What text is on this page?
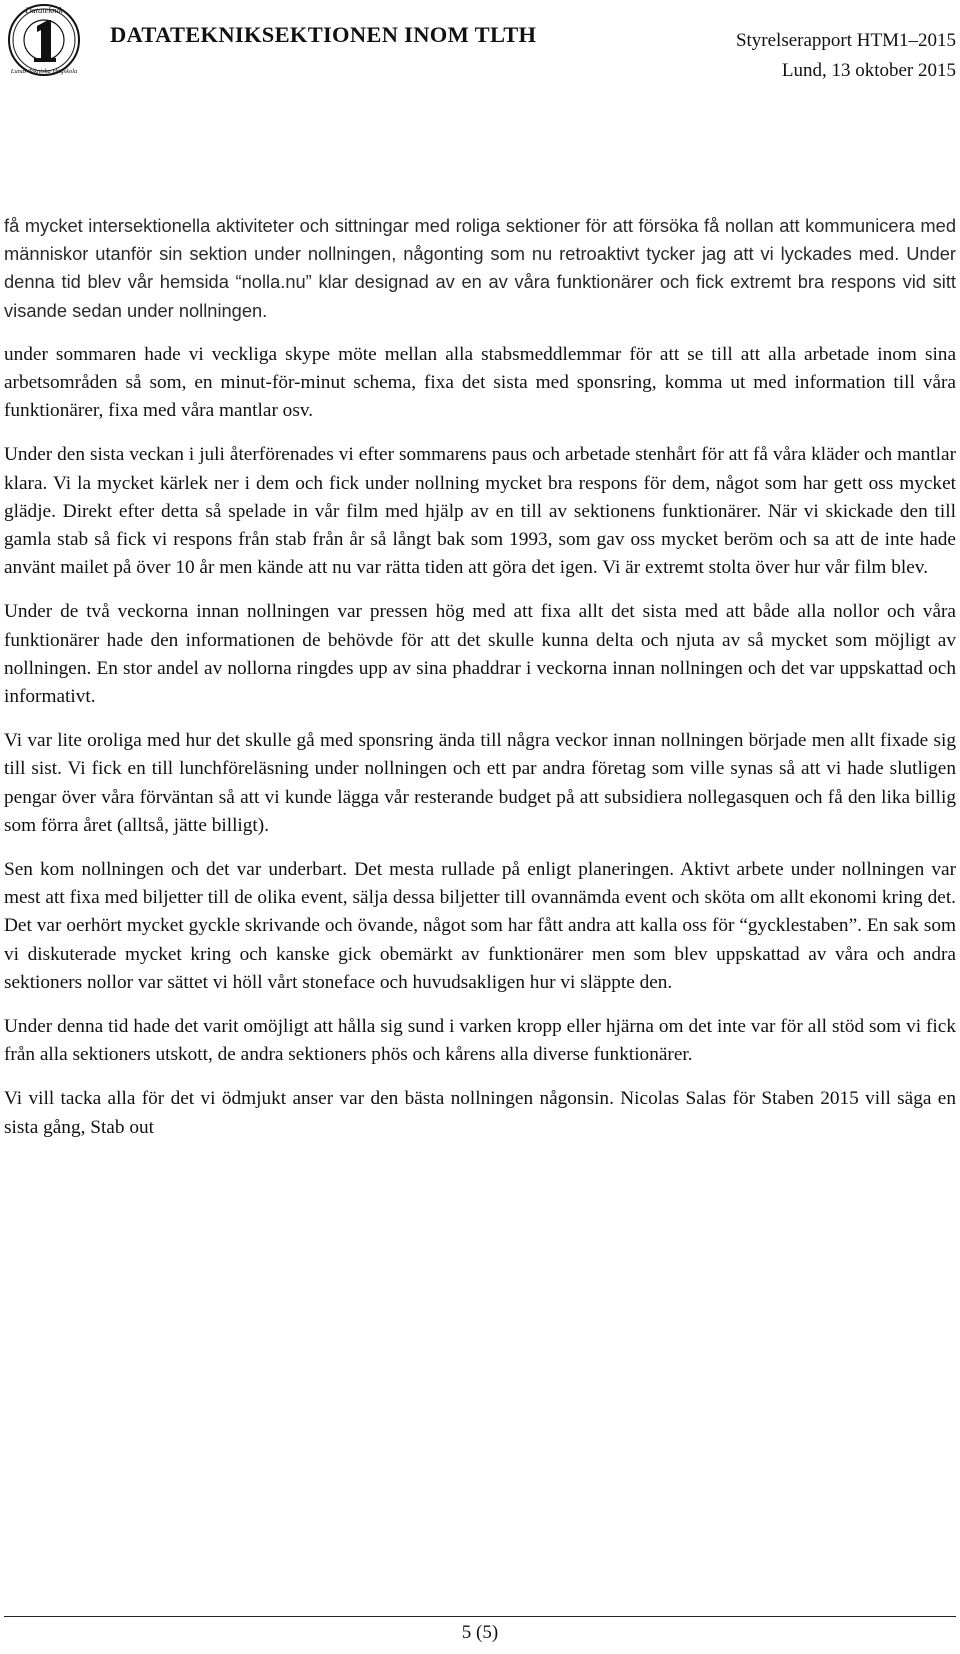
Datateknik
Lunds Tekniska Högskola
DATATEKNIKSEKTIONEN INOM TLTH	Styrelserapport HTM1–2015
Lund, 13 oktober 2015

få mycket intersektionella aktiviteter och sittningar med roliga sektioner för att försöka få nollan att kommunicera med människor utanför sin sektion under nollningen, någonting som nu retroaktivt tycker jag att vi lyckades med. Under denna tid blev vår hemsida “nolla.nu” klar designad av en av våra funktionärer och fick extremt bra respons vid sitt visande sedan under nollningen.

under sommaren hade vi veckliga skype möte mellan alla stabsmeddlemmar för att se till att alla arbetade inom sina arbetsområden så som, en minut-för-minut schema, fixa det sista med sponsring, komma ut med information till våra funktionärer, fixa med våra mantlar osv.

Under den sista veckan i juli återförenades vi efter sommarens paus och arbetade stenhårt för att få våra kläder och mantlar klara. Vi la mycket kärlek ner i dem och fick under nollning mycket bra respons för dem, något som har gett oss mycket glädje. Direkt efter detta så spelade in vår film med hjälp av en till av sektionens funktionärer. När vi skickade den till gamla stab så fick vi respons från stab från år så långt bak som 1993, som gav oss mycket beröm och sa att de inte hade använt mailet på över 10 år men kände att nu var rätta tiden att göra det igen. Vi är extremt stolta över hur vår film blev.

Under de två veckorna innan nollningen var pressen hög med att fixa allt det sista med att både alla nollor och våra funktionärer hade den informationen de behövde för att det skulle kunna delta och njuta av så mycket som möjligt av nollningen. En stor andel av nollorna ringdes upp av sina phaddrar i veckorna innan nollningen och det var uppskattad och informativt.

Vi var lite oroliga med hur det skulle gå med sponsring ända till några veckor innan nollningen började men allt fixade sig till sist. Vi fick en till lunchföreläsning under nollningen och ett par andra företag som ville synas så att vi hade slutligen pengar över våra förväntan så att vi kunde lägga vår resterande budget på att subsidiera nollegasquen och få den lika billig som förra året (alltså, jätte billigt).

Sen kom nollningen och det var underbart. Det mesta rullade på enligt planeringen. Aktivt arbete under nollningen var mest att fixa med biljetter till de olika event, sälja dessa biljetter till ovannämda event och sköta om allt ekonomi kring det. Det var oerhört mycket gyckle skrivande och övande, något som har fått andra att kalla oss för “gycklestaben”. En sak som vi diskuterade mycket kring och kanske gick obemärkt av funktionärer men som blev uppskattad av våra och andra sektioners nollor var sättet vi höll vårt stoneface och huvudsakligen hur vi släppte den.

Under denna tid hade det varit omöjligt att hålla sig sund i varken kropp eller hjärna om det inte var för all stöd som vi fick från alla sektioners utskott, de andra sektioners phös och kårens alla diverse funktionärer.

Vi vill tacka alla för det vi ödmjukt anser var den bästa nollningen någonsin. Nicolas Salas för Staben 2015 vill säga en sista gång, Stab out

5 (5)
